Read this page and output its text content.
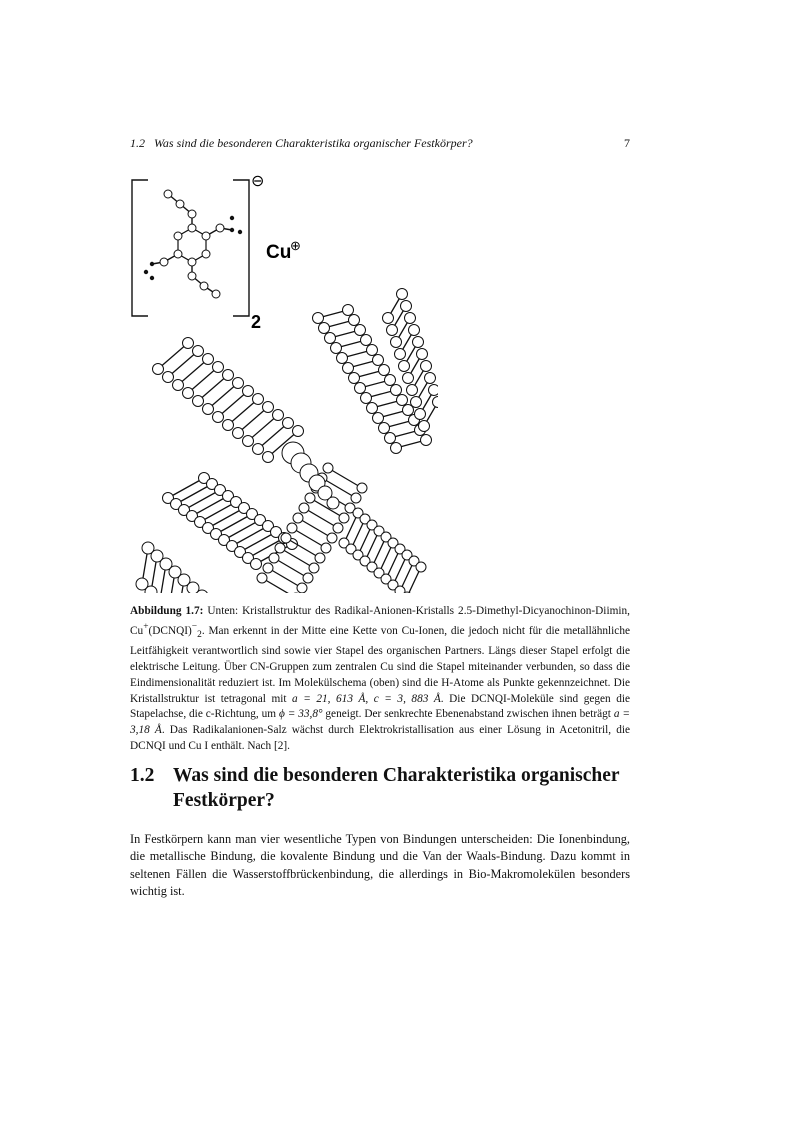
1.2 Was sind die besonderen Charakteristika organischer Festkörper?	7
⊖
2
Cu
⊕
Abbildung 1.7: Unten: Kristallstruktur des Radikal-Anionen-Kristalls 2.5-Dimethyl-Dicyanochinon-Diimin, $Cu^+(DCNQI)^-_2$. Man erkennt in der Mitte eine Kette von Cu-Ionen, die jedoch nicht für die metallähnliche Leitfähigkeit verantwortlich sind sowie vier Stapel des organischen Partners. Längs dieser Stapel erfolgt die elektrische Leitung. Über CN-Gruppen zum zentralen Cu sind die Stapel miteinander verbunden, so dass die Eindimensionalität reduziert ist. Im Molekülschema (oben) sind die H-Atome als Punkte gekennzeichnet. Die Kristallstruktur ist tetragonal mit a = 21, 613 Å, c = 3, 883 Å. Die DCNQI-Moleküle sind gegen die Stapelachse, die c-Richtung, um ϕ = 33,8° geneigt. Der senkrechte Ebenenabstand zwischen ihnen beträgt a = 3,18 Å. Das Radikalanionen-Salz wächst durch Elektrokristallisation aus einer Lösung in Acetonitril, die DCNQI und Cu I enthält. Nach [2].
1.2 Was sind die besonderen Charakteristika organischer Festkörper?
In Festkörpern kann man vier wesentliche Typen von Bindungen unterscheiden: Die Ionenbindung, die metallische Bindung, die kovalente Bindung und die Van der Waals-Bindung. Dazu kommt in seltenen Fällen die Wasserstoffbrückenbindung, die allerdings in Bio-Makromolekülen besonders wichtig ist.
